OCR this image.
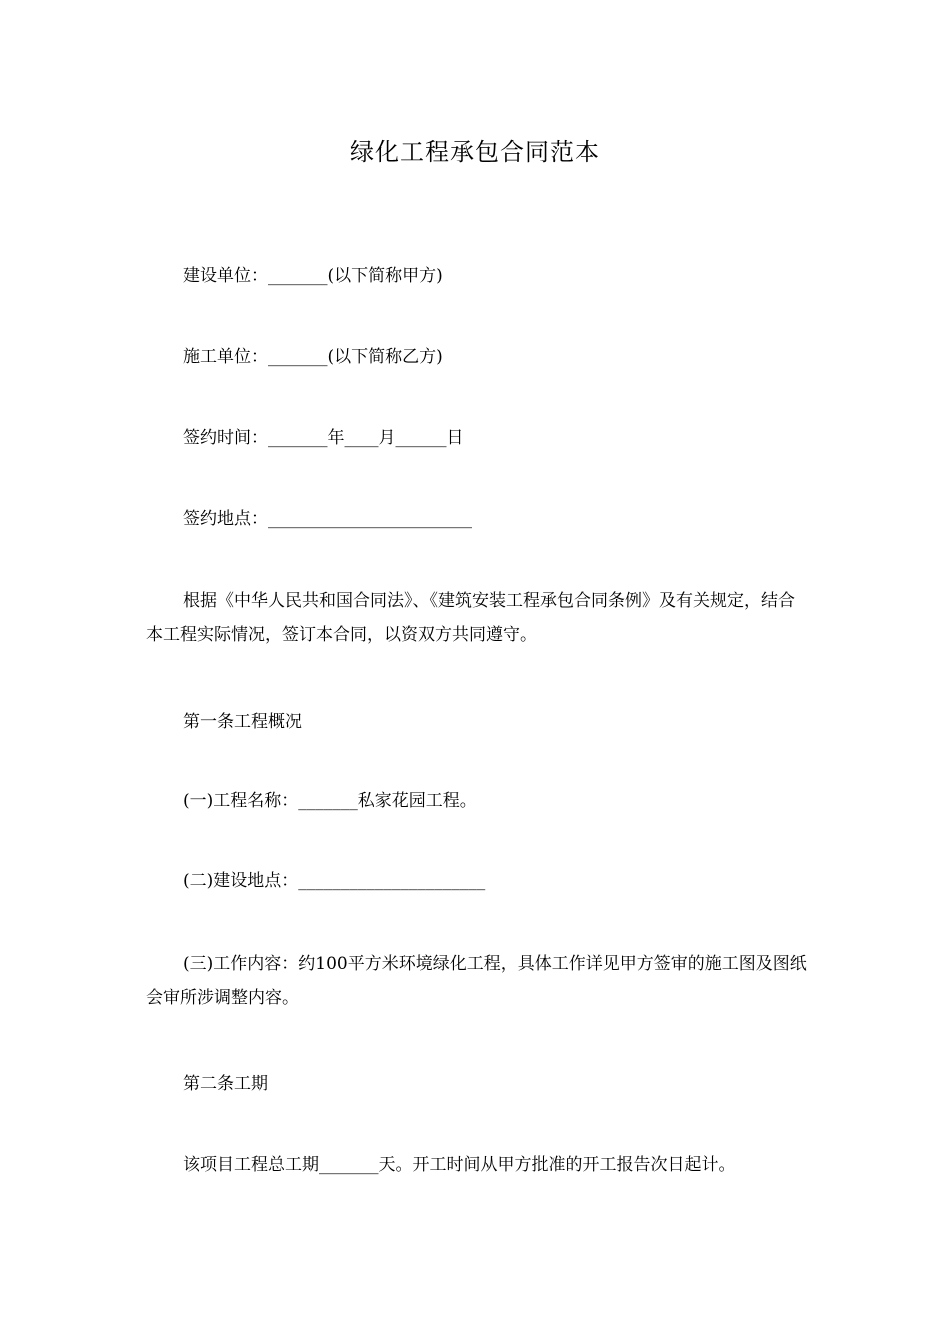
绿化工程承包合同范本
建设单位：_______(以下简称甲方)
施工单位：_______(以下简称乙方)
签约时间：_______年____月______日
签约地点：________________________
根据《中华人民共和国合同法》、《建筑安装工程承包合同条例》及有关规定，结合本工程实际情况，签订本合同，以资双方共同遵守。
第一条工程概况
(一)工程名称：_______私家花园工程。
(二)建设地点：______________________
(三)工作内容：约100平方米环境绿化工程，具体工作详见甲方签审的施工图及图纸会审所涉调整内容。
第二条工期
该项目工程总工期_______天。开工时间从甲方批准的开工报告次日起计。
